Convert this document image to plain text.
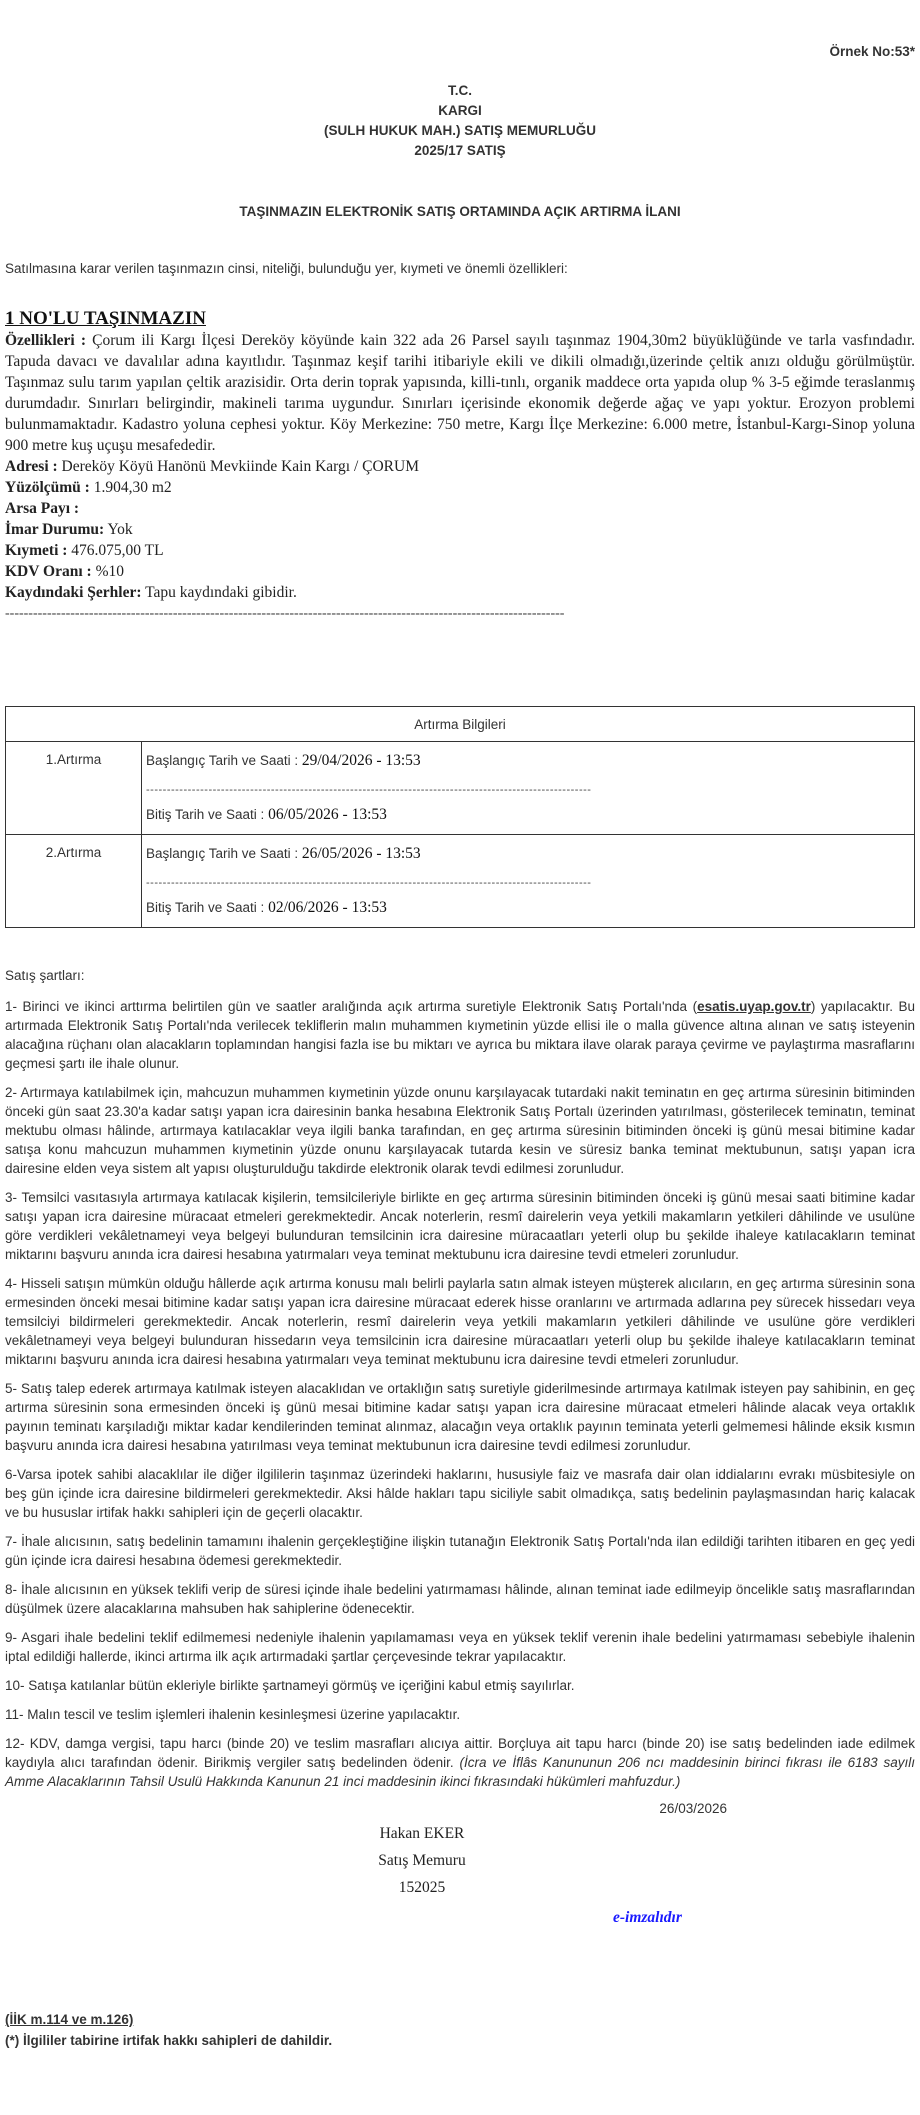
Örnek No:53*
T.C.
KARGI
(SULH HUKUK MAH.) SATIŞ MEMURLUĞU
2025/17 SATIŞ
TAŞINMAZIN ELEKTRONİK SATIŞ ORTAMINDA AÇIK ARTIRMA İLANI
Satılmasına karar verilen taşınmazın cinsi, niteliği, bulunduğu yer, kıymeti ve önemli özellikleri:
1 NO'LU TAŞINMAZIN
Özellikleri : Çorum ili Kargı İlçesi Dereköy köyünde kain 322 ada 26 Parsel sayılı taşınmaz 1904,30m2 büyüklüğünde ve tarla vasfındadır. Tapuda davacı ve davalılar adına kayıtlıdır. Taşınmaz keşif tarihi itibariyle ekili ve dikili olmadığı,üzerinde çeltik anızı olduğu görülmüştür. Taşınmaz sulu tarım yapılan çeltik arazisidir. Orta derin toprak yapısında, killi-tınlı, organik maddece orta yapıda olup % 3-5 eğimde teraslanmış durumdadır. Sınırları belirgindir, makineli tarıma uygundur. Sınırları içerisinde ekonomik değerde ağaç ve yapı yoktur. Erozyon problemi bulunmamaktadır. Kadastro yoluna cephesi yoktur. Köy Merkezine: 750 metre, Kargı İlçe Merkezine: 6.000 metre, İstanbul-Kargı-Sinop yoluna 900 metre kuş uçuşu mesafededir.
Adresi : Dereköy Köyü Hanönü Mevkiinde Kain Kargı / ÇORUM
Yüzölçümü : 1.904,30 m2
Arsa Payı :
İmar Durumu: Yok
Kıymeti : 476.075,00 TL
KDV Oranı : %10
Kaydındaki Şerhler: Tapu kaydındaki gibidir.
------------------------------------------------------------------------------------------------------------------------
Artırma Bilgileri	
1.Artırma	Başlangıç Tarih ve Saati : 29/04/2026 - 13:53
-----------------------------------------------------------------------------------------------------------
Bitiş Tarih ve Saati : 06/05/2026 - 13:53

2.Artırma	Başlangıç Tarih ve Saati : 26/05/2026 - 13:53
-----------------------------------------------------------------------------------------------------------
Bitiş Tarih ve Saati : 02/06/2026 - 13:53
Satış şartları:
1- Birinci ve ikinci arttırma belirtilen gün ve saatler aralığında açık artırma suretiyle Elektronik Satış Portalı'nda (esatis.uyap.gov.tr) yapılacaktır. Bu artırmada Elektronik Satış Portalı'nda verilecek tekliflerin malın muhammen kıymetinin yüzde ellisi ile o malla güvence altına alınan ve satış isteyenin alacağına rüçhanı olan alacakların toplamından hangisi fazla ise bu miktarı ve ayrıca bu miktara ilave olarak paraya çevirme ve paylaştırma masraflarını geçmesi şartı ile ihale olunur.
2- Artırmaya katılabilmek için, mahcuzun muhammen kıymetinin yüzde onunu karşılayacak tutardaki nakit teminatın en geç artırma süresinin bitiminden önceki gün saat 23.30'a kadar satışı yapan icra dairesinin banka hesabına Elektronik Satış Portalı üzerinden yatırılması, gösterilecek teminatın, teminat mektubu olması hâlinde, artırmaya katılacaklar veya ilgili banka tarafından, en geç artırma süresinin bitiminden önceki iş günü mesai bitimine kadar satışa konu mahcuzun muhammen kıymetinin yüzde onunu karşılayacak tutarda kesin ve süresiz banka teminat mektubunun, satışı yapan icra dairesine elden veya sistem alt yapısı oluşturulduğu takdirde elektronik olarak tevdi edilmesi zorunludur.
3- Temsilci vasıtasıyla artırmaya katılacak kişilerin, temsilcileriyle birlikte en geç artırma süresinin bitiminden önceki iş günü mesai saati bitimine kadar satışı yapan icra dairesine müracaat etmeleri gerekmektedir. Ancak noterlerin, resmî dairelerin veya yetkili makamların yetkileri dâhilinde ve usulüne göre verdikleri vekâletnameyi veya belgeyi bulunduran temsilcinin icra dairesine müracaatları yeterli olup bu şekilde ihaleye katılacakların teminat miktarını başvuru anında icra dairesi hesabına yatırmaları veya teminat mektubunu icra dairesine tevdi etmeleri zorunludur.
4- Hisseli satışın mümkün olduğu hâllerde açık artırma konusu malı belirli paylarla satın almak isteyen müşterek alıcıların, en geç artırma süresinin sona ermesinden önceki mesai bitimine kadar satışı yapan icra dairesine müracaat ederek hisse oranlarını ve artırmada adlarına pey sürecek hissedarı veya temsilciyi bildirmeleri gerekmektedir. Ancak noterlerin, resmî dairelerin veya yetkili makamların yetkileri dâhilinde ve usulüne göre verdikleri vekâletnameyi veya belgeyi bulunduran hissedarın veya temsilcinin icra dairesine müracaatları yeterli olup bu şekilde ihaleye katılacakların teminat miktarını başvuru anında icra dairesi hesabına yatırmaları veya teminat mektubunu icra dairesine tevdi etmeleri zorunludur.
5- Satış talep ederek artırmaya katılmak isteyen alacaklıdan ve ortaklığın satış suretiyle giderilmesinde artırmaya katılmak isteyen pay sahibinin, en geç artırma süresinin sona ermesinden önceki iş günü mesai bitimine kadar satışı yapan icra dairesine müracaat etmeleri hâlinde alacak veya ortaklık payının teminatı karşıladığı miktar kadar kendilerinden teminat alınmaz, alacağın veya ortaklık payının teminata yeterli gelmemesi hâlinde eksik kısmın başvuru anında icra dairesi hesabına yatırılması veya teminat mektubunun icra dairesine tevdi edilmesi zorunludur.
6-Varsa ipotek sahibi alacaklılar ile diğer ilgililerin taşınmaz üzerindeki haklarını, hususiyle faiz ve masrafa dair olan iddialarını evrakı müsbitesiyle on beş gün içinde icra dairesine bildirmeleri gerekmektedir. Aksi hâlde hakları tapu siciliyle sabit olmadıkça, satış bedelinin paylaşmasından hariç kalacak ve bu hususlar irtifak hakkı sahipleri için de geçerli olacaktır.
7- İhale alıcısının, satış bedelinin tamamını ihalenin gerçekleştiğine ilişkin tutanağın Elektronik Satış Portalı'nda ilan edildiği tarihten itibaren en geç yedi gün içinde icra dairesi hesabına ödemesi gerekmektedir.
8- İhale alıcısının en yüksek teklifi verip de süresi içinde ihale bedelini yatırmaması hâlinde, alınan teminat iade edilmeyip öncelikle satış masraflarından düşülmek üzere alacaklarına mahsuben hak sahiplerine ödenecektir.
9- Asgari ihale bedelini teklif edilmemesi nedeniyle ihalenin yapılamaması veya en yüksek teklif verenin ihale bedelini yatırmaması sebebiyle ihalenin iptal edildiği hallerde, ikinci artırma ilk açık artırmadaki şartlar çerçevesinde tekrar yapılacaktır.
10- Satışa katılanlar bütün ekleriyle birlikte şartnameyi görmüş ve içeriğini kabul etmiş sayılırlar.
11- Malın tescil ve teslim işlemleri ihalenin kesinleşmesi üzerine yapılacaktır.
12- KDV, damga vergisi, tapu harcı (binde 20) ve teslim masrafları alıcıya aittir. Borçluya ait tapu harcı (binde 20) ise satış bedelinden iade edilmek kaydıyla alıcı tarafından ödenir. Birikmiş vergiler satış bedelinden ödenir. (İcra ve İflâs Kanununun 206 ncı maddesinin birinci fıkrası ile 6183 sayılı Amme Alacaklarının Tahsil Usulü Hakkında Kanunun 21 inci maddesinin ikinci fıkrasındaki hükümleri mahfuzdur.)
26/03/2026
Hakan EKER
Satış Memuru
152025
e-imzalıdır
(İİK m.114 ve m.126)
(*) İlgililer tabirine irtifak hakkı sahipleri de dahildir.
